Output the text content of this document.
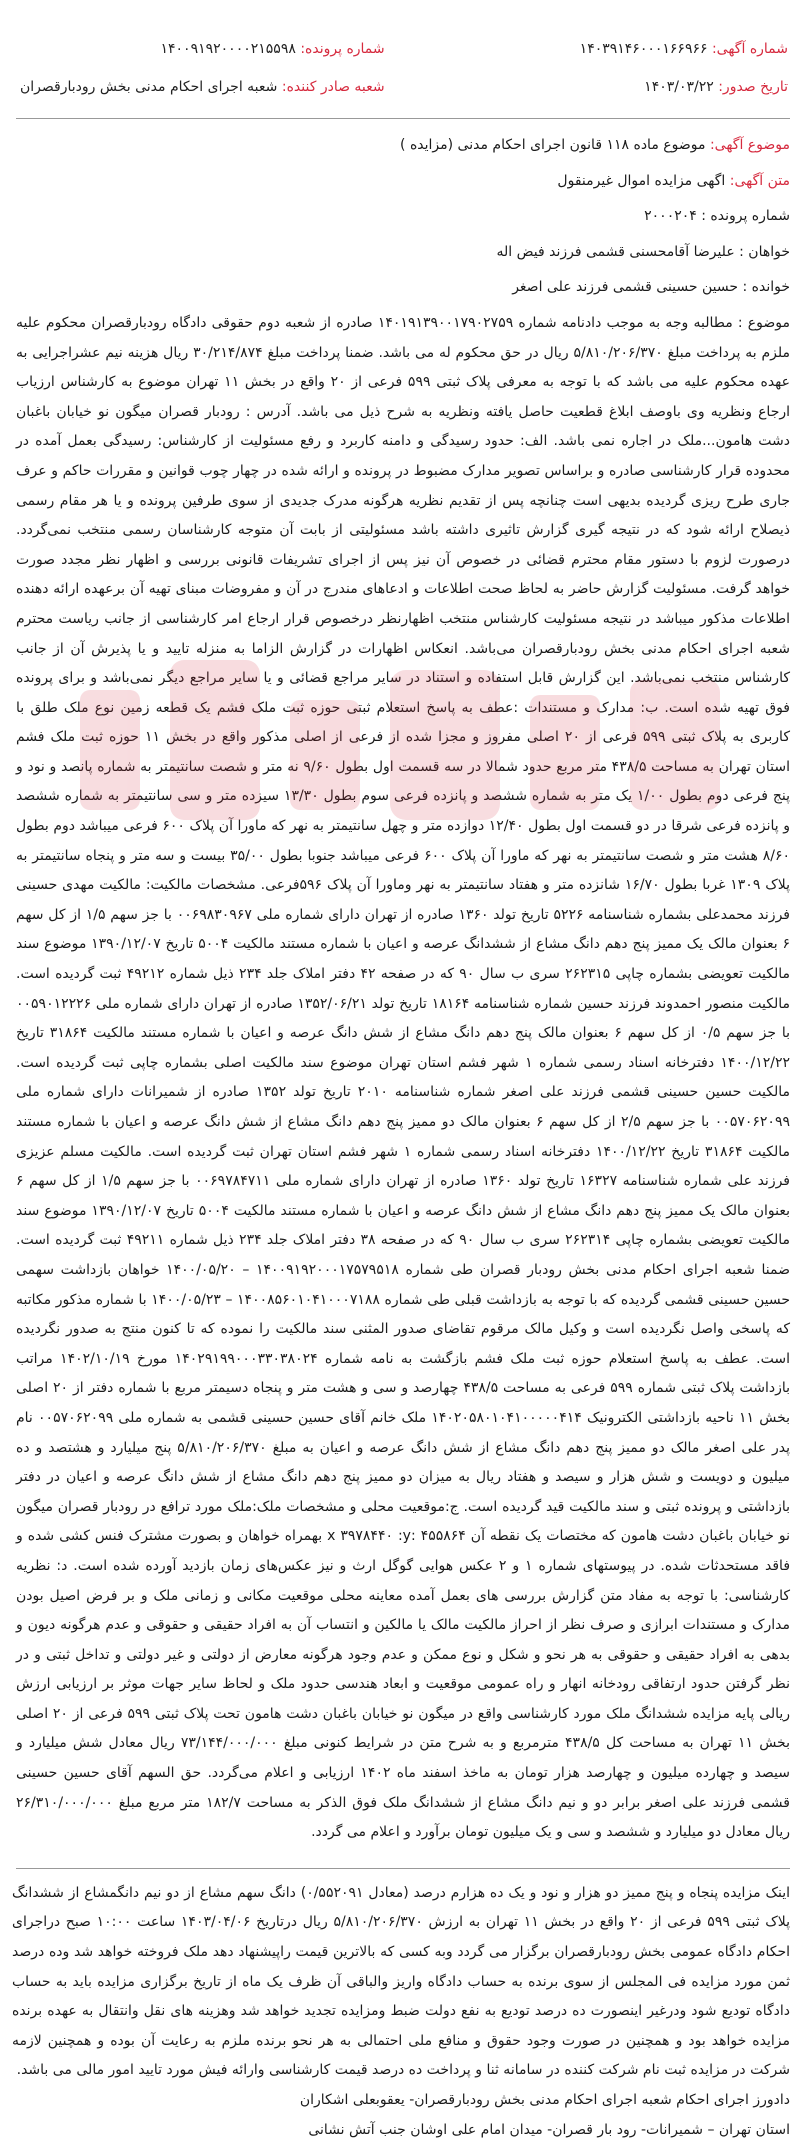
شماره آگهی: ۱۴۰۳۹۱۴۶۰۰۰۱۶۶۹۶۶
تاریخ صدور: ۱۴۰۳/۰۳/۲۲
شماره پرونده: ۱۴۰۰۹۱۹۲۰۰۰۰۲۱۵۵۹۸
شعبه صادر کننده: شعبه اجرای احکام مدنی بخش رودبارقصران

موضوع آگهی: موضوع ماده ۱۱۸ قانون اجرای احکام مدنی (مزایده )

متن آگهی: اگهی مزایده اموال غیرمنقول

شماره پرونده : ۲۰۰۰۲۰۴

خواهان : علیرضا آقامحسنی قشمی فرزند فیض اله

خوانده : حسین حسینی قشمی فرزند علی اصغر

موضوع : مطالبه وجه به موجب دادنامه شماره ۱۴۰۱۹۱۳۹۰۰۱۷۹۰۲۷۵۹ صادره از شعبه دوم حقوقی دادگاه رودبارقصران محکوم علیه ملزم به پرداخت مبلغ ۵/۸۱۰/۲۰۶/۳۷۰ ریال در حق محکوم له می باشد. ضمنا پرداخت مبلغ ۳۰/۲۱۴/۸۷۴ ریال هزینه نیم عشراجرایی به عهده محکوم علیه می باشد که با توجه به معرفی پلاک ثبتی ۵۹۹ فرعی از ۲۰ واقع در بخش ۱۱ تهران موضوع به کارشناس ارزیاب ارجاع ونظریه وی باوصف ابلاغ قطعیت حاصل یافته ونظریه به شرح ذیل می باشد. آدرس : رودبار قصران میگون نو خیابان باغبان دشت هامون...ملک در اجاره نمی باشد. الف: حدود رسیدگی و دامنه کاربرد و رفع مسئولیت از کارشناس: رسیدگی بعمل آمده در محدوده قرار کارشناسی صادره و براساس تصویر مدارک مضبوط در پرونده و ارائه شده در چهار چوب قوانین و مقررات حاکم و عرف جاری طرح ریزی گردیده بدیهی است چنانچه پس از تقدیم نظریه هرگونه مدرک جدیدی از سوی طرفین پرونده و یا هر مقام رسمی ذیصلاح ارائه شود که در نتیجه گیری گزارش تاثیری داشته باشد مسئولیتی از بابت آن متوجه کارشناسان رسمی منتخب نمی‌گردد. درصورت لزوم با دستور مقام محترم قضائی در خصوص آن نیز پس از اجرای تشریفات قانونی بررسی و اظهار نظر مجدد صورت خواهد گرفت. مسئولیت گزارش حاضر به لحاظ صحت اطلاعات و ادعاهای مندرج در آن و مفروضات مبنای تهیه آن برعهده ارائه دهنده اطلاعات مذکور میباشد در نتیجه مسئولیت کارشناس منتخب اظهارنظر درخصوص قرار ارجاع امر کارشناسی از جانب ریاست محترم شعبه اجرای احکام مدنی بخش رودبارقصران می‌باشد. انعکاس اظهارات در گزارش الزاما به منزله تایید و یا پذیرش آن از جانب کارشناس منتخب نمی‌باشد. این گزارش قابل استفاده و استناد در سایر مراجع قضائی و یا سایر مراجع دیگر نمی‌باشد و برای پرونده فوق تهیه شده است. ب: مدارک و مستندات :عطف به پاسخ استعلام ثبتی حوزه ثبت ملک فشم یک قطعه زمین نوع ملک طلق با کاربری به پلاک ثبتی ۵۹۹ فرعی از ۲۰ اصلی مفروز و مجزا شده از فرعی از اصلی مذکور واقع در بخش ۱۱ حوزه ثبت ملک فشم استان تهران به مساحت ۴۳۸/۵ متر مربع حدود شمالا در سه قسمت اول بطول ۹/۶۰ نه متر و شصت سانتیمتر به شماره پانصد و نود و پنج فرعی دوم بطول ۱/۰۰ یک متر به شماره ششصد و پانزده فرعی سوم بطول ۱۳/۳۰ سیزده متر و سی سانتیمتر به شماره ششصد و پانزده فرعی شرقا در دو قسمت اول بطول ۱۲/۴۰ دوازده متر و چهل سانتیمتر به نهر که ماورا آن پلاک ۶۰۰ فرعی میباشد دوم بطول ۸/۶۰ هشت متر و شصت سانتیمتر به نهر که ماورا آن پلاک ۶۰۰ فرعی میباشد جنوبا بطول ۳۵/۰۰ بیست و سه متر و پنجاه سانتیمتر به پلاک ۱۳۰۹ غربا بطول ۱۶/۷۰ شانزده متر و هفتاد سانتیمتر به نهر وماورا آن پلاک ۵۹۶فرعی. مشخصات مالکیت: مالکیت مهدی حسینی فرزند محمدعلی بشماره شناسنامه ۵۲۲۶ تاریخ تولد ۱۳۶۰ صادره از تهران دارای شماره ملی ۰۰۶۹۸۳۰۹۶۷ با جز سهم ۱/۵ از کل سهم ۶ بعنوان مالک یک ممیز پنج دهم دانگ مشاع از ششدانگ عرصه و اعیان با شماره مستند مالکیت ۵۰۰۴ تاریخ ۱۳۹۰/۱۲/۰۷ موضوع سند مالکیت تعویضی بشماره چاپی ۲۶۲۳۱۵ سری ب سال ۹۰ که در صفحه ۴۲ دفتر املاک جلد ۲۳۴ ذیل شماره ۴۹۲۱۲ ثبت گردیده است. مالکیت منصور احمدوند فرزند حسین شماره شناسنامه ۱۸۱۶۴ تاریخ تولد ۱۳۵۲/۰۶/۲۱ صادره از تهران دارای شماره ملی ۰۰۵۹۰۱۲۲۲۶ با جز سهم ۰/۵ از کل سهم ۶ بعنوان مالک پنج دهم دانگ مشاع از شش دانگ عرصه و اعیان با شماره مستند مالکیت ۳۱۸۶۴ تاریخ ۱۴۰۰/۱۲/۲۲ دفترخانه اسناد رسمی شماره ۱ شهر فشم استان تهران موضوع سند مالکیت اصلی بشماره چاپی ثبت گردیده است. مالکیت حسین حسینی قشمی فرزند علی اصغر شماره شناسنامه ۲۰۱۰ تاریخ تولد ۱۳۵۲ صادره از شمیرانات دارای شماره ملی ۰۰۵۷۰۶۲۰۹۹ با جز سهم ۲/۵ از کل سهم ۶ بعنوان مالک دو ممیز پنج دهم دانگ مشاع از شش دانگ عرصه و اعیان با شماره مستند مالکیت ۳۱۸۶۴ تاریخ ۱۴۰۰/۱۲/۲۲ دفترخانه اسناد رسمی شماره ۱ شهر فشم استان تهران ثبت گردیده است. مالکیت مسلم عزیزی فرزند علی شماره شناسنامه ۱۶۳۲۷ تاریخ تولد ۱۳۶۰ صادره از تهران دارای شماره ملی ۰۰۶۹۷۸۴۷۱۱ با جز سهم ۱/۵ از کل سهم ۶ بعنوان مالک یک ممیز پنج دهم دانگ مشاع از شش دانگ عرصه و اعیان با شماره مستند مالکیت ۵۰۰۴ تاریخ ۱۳۹۰/۱۲/۰۷ موضوع سند مالکیت تعویضی بشماره چاپی ۲۶۲۳۱۴ سری ب سال ۹۰ که در صفحه ۳۸ دفتر املاک جلد ۲۳۴ ذیل شماره ۴۹۲۱۱ ثبت گردیده است. ضمنا شعبه اجرای احکام مدنی بخش رودبار قصران طی شماره ۱۴۰۰۹۱۹۲۰۰۰۱۷۵۷۹۵۱۸ – ۱۴۰۰/۰۵/۲۰ خواهان بازداشت سهمی حسین حسینی قشمی گردیده که با توجه به بازداشت قبلی طی شماره ۱۴۰۰۸۵۶۰۱۰۴۱۰۰۰۷۱۸۸ – ۱۴۰۰/۰۵/۲۳ با شماره مذکور مکاتبه که پاسخی واصل نگردیده است و وکیل مالک مرقوم تقاضای صدور المثنی سند مالکیت را نموده که تا کنون منتج به صدور نگردیده است. عطف به پاسخ استعلام حوزه ثبت ملک فشم بازگشت به نامه شماره ۱۴۰۲۹۱۹۹۰۰۰۳۳۰۳۸۰۲۴ مورخ ۱۴۰۲/۱۰/۱۹ مراتب بازداشت پلاک ثبتی شماره ۵۹۹ فرعی به مساحت ۴۳۸/۵ چهارصد و سی و هشت متر و پنجاه دسیمتر مربع با شماره دفتر از ۲۰ اصلی بخش ۱۱ ناحیه بازداشتی الکترونیک ۱۴۰۲۰۵۸۰۱۰۴۱۰۰۰۰۰۴۱۴ ملک خانم آقای حسین حسینی قشمی به شماره ملی ۰۰۵۷۰۶۲۰۹۹ نام پدر علی اصغر مالک دو ممیز پنج دهم دانگ مشاع از شش دانگ عرصه و اعیان به مبلغ ۵/۸۱۰/۲۰۶/۳۷۰ پنج میلیارد و هشتصد و ده میلیون و دویست و شش هزار و سیصد و هفتاد ریال به میزان دو ممیز پنج دهم دانگ مشاع از شش دانگ عرصه و اعیان در دفتر بازداشتی و پرونده ثبتی و سند مالکیت قید گردیده است. ج:موقعیت محلی و مشخصات ملک:ملک مورد ترافع در رودبار قصران میگون نو خیابان باغبان دشت هامون که مختصات یک نقطه آن ۴۵۵۸۶۴ :x ۳۹۷۸۴۴۰ :y بهمراه خواهان و بصورت مشترک فنس کشی شده و فاقد مستحدثات شده. در پیوستهای شماره ۱ و ۲ عکس هوایی گوگل ارث و نیز عکس‌های زمان بازدید آورده شده است. د: نظریه کارشناسی: با توجه به مفاد متن گزارش بررسی های بعمل آمده معاینه محلی موقعیت مکانی و زمانی ملک و بر فرض اصیل بودن مدارک و مستندات ابرازی و صرف نظر از احراز مالکیت مالک یا مالکین و انتساب آن به افراد حقیقی و حقوقی و عدم هرگونه دیون و بدهی به افراد حقیقی و حقوقی به هر نحو و شکل و نوع ممکن و عدم وجود هرگونه معارض از دولتی و غیر دولتی و تداخل ثبتی و در نظر گرفتن حدود ارتفاقی رودخانه انهار و راه عمومی موقعیت و ابعاد هندسی حدود ملک و لحاظ سایر جهات موثر بر ارزیابی ارزش ریالی پایه مزایده ششدانگ ملک مورد کارشناسی واقع در میگون نو خیابان باغبان دشت هامون تحت پلاک ثبتی ۵۹۹ فرعی از ۲۰ اصلی بخش ۱۱ تهران به مساحت کل ۴۳۸/۵ مترمربع و به شرح متن در شرایط کنونی مبلغ ۷۳/۱۴۴/۰۰۰/۰۰۰ ریال معادل شش میلیارد و سیصد و چهارده میلیون و چهارصد هزار تومان به ماخذ اسفند ماه ۱۴۰۲ ارزیابی و اعلام می‌گردد. حق السهم آقای حسین حسینی قشمی فرزند علی اصغر برابر دو و نیم دانگ مشاع از ششدانگ ملک فوق الذکر به مساحت ۱۸۲/۷ متر مربع مبلغ ۲۶/۳۱۰/۰۰۰/۰۰۰ ریال معادل دو میلیارد و ششصد و سی و یک میلیون تومان برآورد و اعلام می گردد.

اینک مزایده پنجاه و پنج ممیز دو هزار و نود و یک ده هزارم درصد (معادل ۰/۵۵۲۰۹۱) دانگ سهم مشاع از دو نیم دانگمشاع از ششدانگ پلاک ثبتی ۵۹۹ فرعی از ۲۰ واقع در بخش ۱۱ تهران به ارزش ۵/۸۱۰/۲۰۶/۳۷۰ ریال درتاریخ ۱۴۰۳/۰۴/۰۶ ساعت ۱۰:۰۰ صبح دراجرای احکام دادگاه عمومی بخش رودبارقصران برگزار می گردد وبه کسی که بالاترین قیمت راپیشنهاد دهد ملک فروخته خواهد شد وده درصد ثمن مورد مزایده فی المجلس از سوی برنده به حساب دادگاه واریز والباقی آن ظرف یک ماه از تاریخ برگزاری مزایده باید به حساب دادگاه تودیع شود ودرغیر اینصورت ده درصد تودیع به نفع دولت ضبط ومزایده تجدید خواهد شد وهزینه های نقل وانتقال به عهده برنده مزایده خواهد بود و همچنین در صورت وجود حقوق و منافع ملی احتمالی به هر نحو برنده ملزم به رعایت آن بوده و همچنین لازمه شرکت در مزایده ثبت نام شرکت کننده در سامانه ثنا و پرداخت ده درصد قیمت کارشناسی وارائه فیش مورد تایید امور مالی می باشد.

دادورز اجرای احکام شعبه اجرای احکام مدنی بخش رودبارقصران- یعقوبعلی اشکاران

استان تهران – شمیرانات- رود بار قصران- میدان امام علی اوشان جنب آتش نشانی
